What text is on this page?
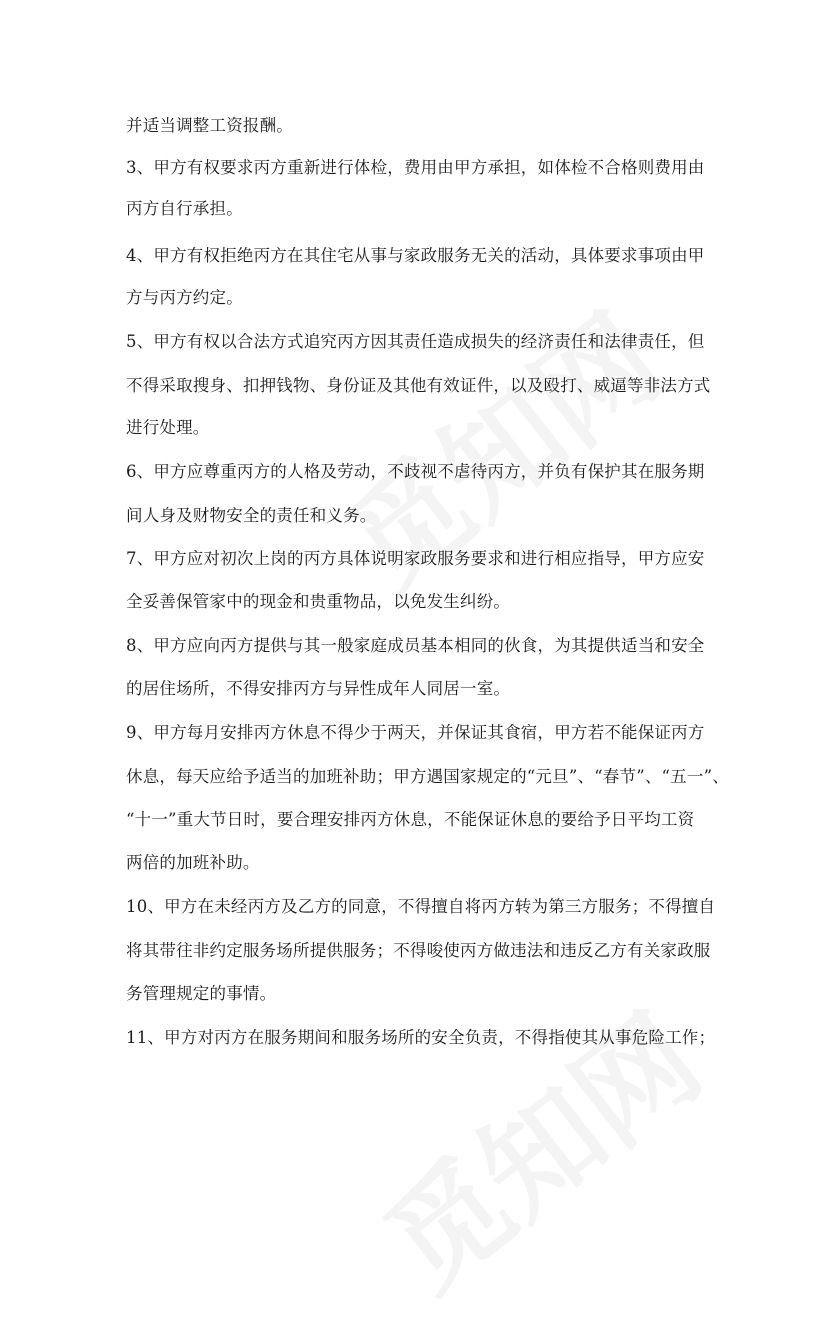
并适当调整工资报酬。
3、甲方有权要求丙方重新进行体检，费用由甲方承担，如体检不合格则费用由
丙方自行承担。
4、甲方有权拒绝丙方在其住宅从事与家政服务无关的活动，具体要求事项由甲
方与丙方约定。
5、甲方有权以合法方式追究丙方因其责任造成损失的经济责任和法律责任，但
不得采取搜身、扣押钱物、身份证及其他有效证件，以及殴打、威逼等非法方式
进行处理。
6、甲方应尊重丙方的人格及劳动，不歧视不虐待丙方，并负有保护其在服务期
间人身及财物安全的责任和义务。
7、甲方应对初次上岗的丙方具体说明家政服务要求和进行相应指导，甲方应安
全妥善保管家中的现金和贵重物品，以免发生纠纷。
8、甲方应向丙方提供与其一般家庭成员基本相同的伙食，为其提供适当和安全
的居住场所，不得安排丙方与异性成年人同居一室。
9、甲方每月安排丙方休息不得少于两天，并保证其食宿，甲方若不能保证丙方
休息，每天应给予适当的加班补助；甲方遇国家规定的“元旦”、“春节”、“五一”、
“十一”重大节日时，要合理安排丙方休息，不能保证休息的要给予日平均工资
两倍的加班补助。
10、甲方在未经丙方及乙方的同意，不得擅自将丙方转为第三方服务；不得擅自
将其带往非约定服务场所提供服务；不得唆使丙方做违法和违反乙方有关家政服
务管理规定的事情。
11、甲方对丙方在服务期间和服务场所的安全负责，不得指使其从事危险工作；
